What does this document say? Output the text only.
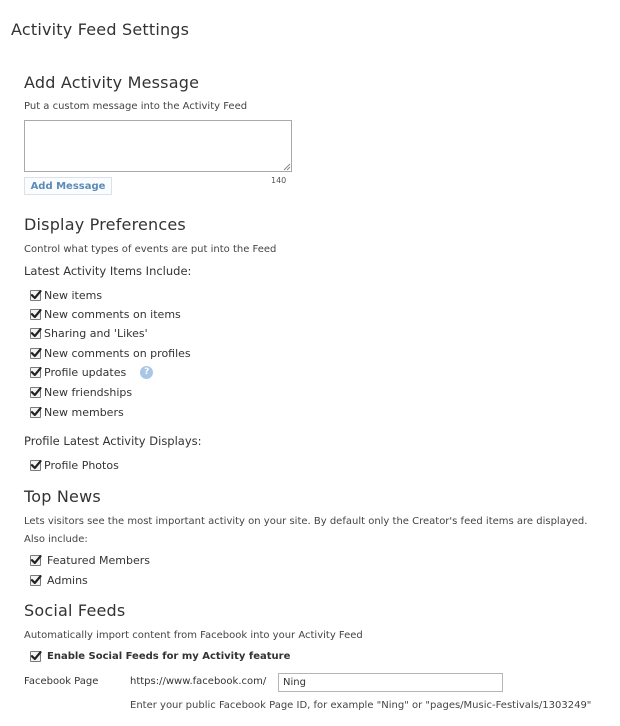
Activity Feed Settings
Add Activity Message
Put a custom message into the Activity Feed
140
Add Message
Display Preferences
Control what types of events are put into the Feed
Latest Activity Items Include:
New items
New comments on items
Sharing and 'Likes'
New comments on profiles
Profile updates	?
New friendships
New members
Profile Latest Activity Displays:
Profile Photos
Top News
Lets visitors see the most important activity on your site. By default only the Creator's feed items are displayed.
Also include:
Featured Members
Admins
Social Feeds
Automatically import content from Facebook into your Activity Feed
Enable Social Feeds for my Activity feature
Facebook Page	https://www.facebook.com/
Ning
Enter your public Facebook Page ID, for example "Ning" or "pages/Music-Festivals/1303249"
